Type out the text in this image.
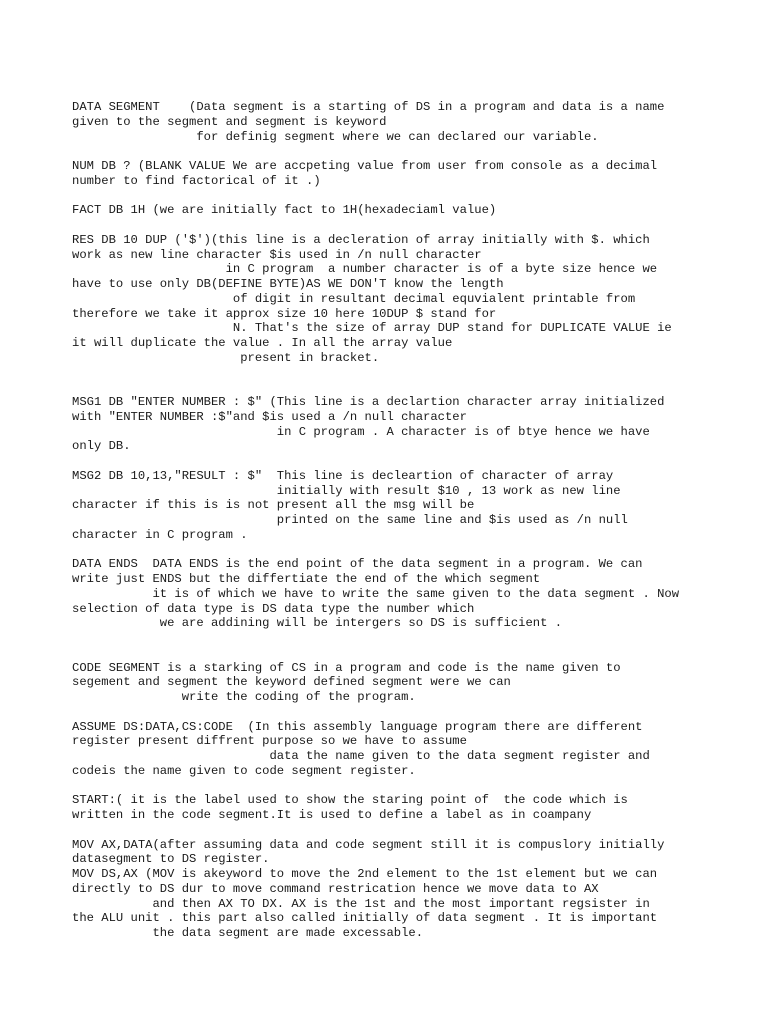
DATA SEGMENT    (Data segment is a starting of DS in a program and data is a name
given to the segment and segment is keyword
for definig segment where we can declared our variable.

NUM DB ? (BLANK VALUE We are accpeting value from user from console as a decimal
number to find factorical of it .)

FACT DB 1H (we are initially fact to 1H(hexadeciaml value)

RES DB 10 DUP ('$')(this line is a decleration of array initially with $. which
work as new line character $is used in /n null character
in C program  a number character is of a byte size hence we
have to use only DB(DEFINE BYTE)AS WE DON'T know the length
of digit in resultant decimal equvialent printable from
therefore we take it approx size 10 here 10DUP $ stand for
N. That's the size of array DUP stand for DUPLICATE VALUE ie
it will duplicate the value . In all the array value
present in bracket.

MSG1 DB "ENTER NUMBER : $" (This line is a declartion character array initialized
with "ENTER NUMBER :$"and $is used a /n null character
in C program . A character is of btye hence we have
only DB.

MSG2 DB 10,13,"RESULT : $"  This line is decleartion of character of array
initially with result $10 , 13 work as new line
character if this is is not present all the msg will be
printed on the same line and $is used as /n null
character in C program .

DATA ENDS  DATA ENDS is the end point of the data segment in a program. We can
write just ENDS but the differtiate the end of the which segment
it is of which we have to write the same given to the data segment . Now
selection of data type is DS data type the number which
we are addining will be intergers so DS is sufficient .

CODE SEGMENT is a starking of CS in a program and code is the name given to
segement and segment the keyword defined segment were we can
write the coding of the program.

ASSUME DS:DATA,CS:CODE  (In this assembly language program there are different
register present diffrent purpose so we have to assume
data the name given to the data segment register and
codeis the name given to code segment register.

START:( it is the label used to show the staring point of  the code which is
written in the code segment.It is used to define a label as in coampany

MOV AX,DATA(after assuming data and code segment still it is compuslory initially
datasegment to DS register.
MOV DS,AX (MOV is akeyword to move the 2nd element to the 1st element but we can
directly to DS dur to move command restrication hence we move data to AX
and then AX TO DX. AX is the 1st and the most important regsister in
the ALU unit . this part also called initially of data segment . It is important
the data segment are made excessable.
